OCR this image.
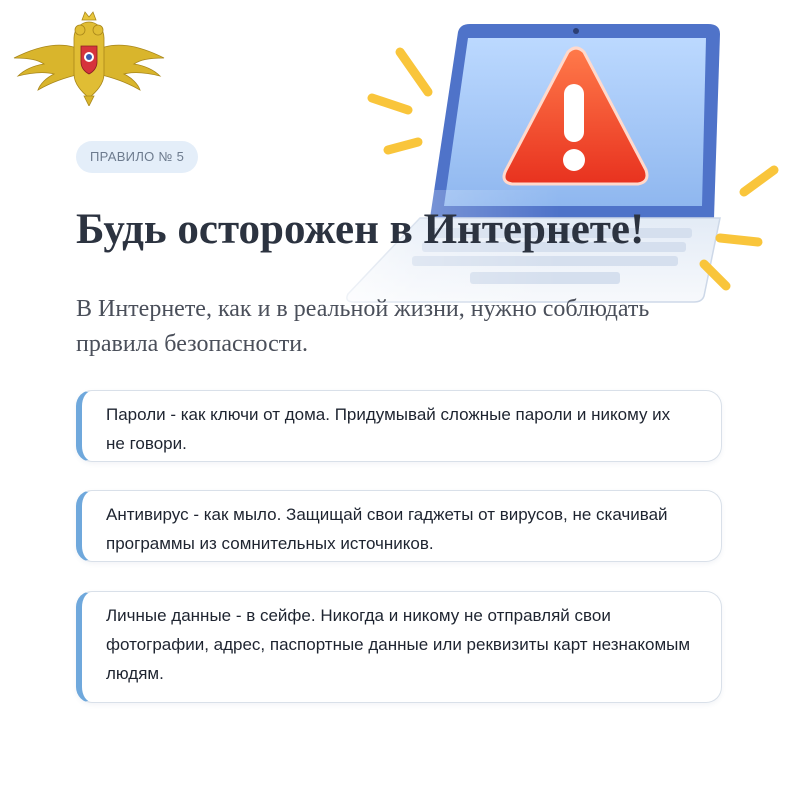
ПРАВИЛО № 5
Будь осторожен в Интернете!

В Интернете, как и в реальной жизни, нужно соблюдать правила безопасности.

Пароли - как ключи от дома. Придумывай сложные пароли и никому их не говори.
Антивирус - как мыло. Защищай свои гаджеты от вирусов, не скачивай программы из сомнительных источников.
Личные данные - в сейфе. Никогда и никому не отправляй свои фотографии, адрес, паспортные данные или реквизиты карт незнакомым людям.
